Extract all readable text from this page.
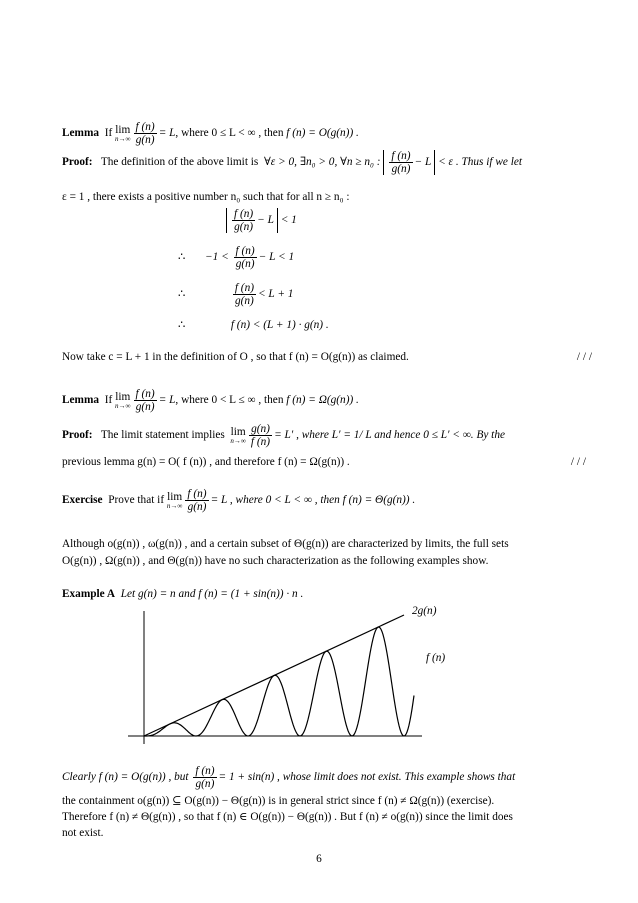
Lemma If lim
$n\to\infty \frac{f (n)}{g(n)} = L$, where 0 ≤ L < ∞ , then f (n) = O(g(n)) .
Proof: The definition of the above limit is ∀ε > 0, ∃n₀ > 0, ∀n ≥ n₀ : $\frac{f (n)}{g(n)} - L < \varepsilon$ . Thus if we let
ε = 1 , there exists a positive number n₀ such that for all n ≥ n₀ :
$\frac{f (n)}{g(n)} - L < 1$
∴ $-1 < \frac{f (n)}{g(n)} - L < 1$
∴	$\frac{f (n)}{g(n)} < L + 1$
∴	f (n) < (L + 1) · g(n) .
Now take c = L + 1 in the definition of O , so that f (n) = O(g(n)) as claimed.	/ / /
Lemma If lim
$n\to\infty \frac{f (n)}{g(n)} = L$, where 0 < L ≤ ∞ , then f (n) = Ω(g(n)) .
Proof: The limit statement implies lim
$n\to\infty \frac{g(n)}{f (n)} = L'$ , where L′ = 1/ L and hence 0 ≤ L′ < ∞. By the
previous lemma g(n) = O( f (n)) , and therefore f (n) = Ω(g(n)) .	/ / /
Exercise Prove that if lim
$n\to\infty \frac{f (n)}{g(n)} = L$ , where 0 < L < ∞ , then f (n) = Θ(g(n)) .
Although o(g(n)) , ω(g(n)) , and a certain subset of Θ(g(n)) are characterized by limits, the full sets
O(g(n)) , Ω(g(n)) , and Θ(g(n)) have no such characterization as the following examples show.
Example A Let g(n) = n and f (n) = (1 + sin(n)) · n .
2g(n)
f (n)
Clearly f (n) = O(g(n)) , but $\frac{f (n)}{g(n)} = 1 + \sin(n)$ , whose limit does not exist. This example shows that
the containment o(g(n)) ⊆ O(g(n)) − Θ(g(n)) is in general strict since f (n) ≠ Ω(g(n)) (exercise).
Therefore f (n) ≠ Θ(g(n)) , so that f (n) ∈ O(g(n)) − Θ(g(n)) . But f (n) ≠ o(g(n)) since the limit does
not exist.
6
